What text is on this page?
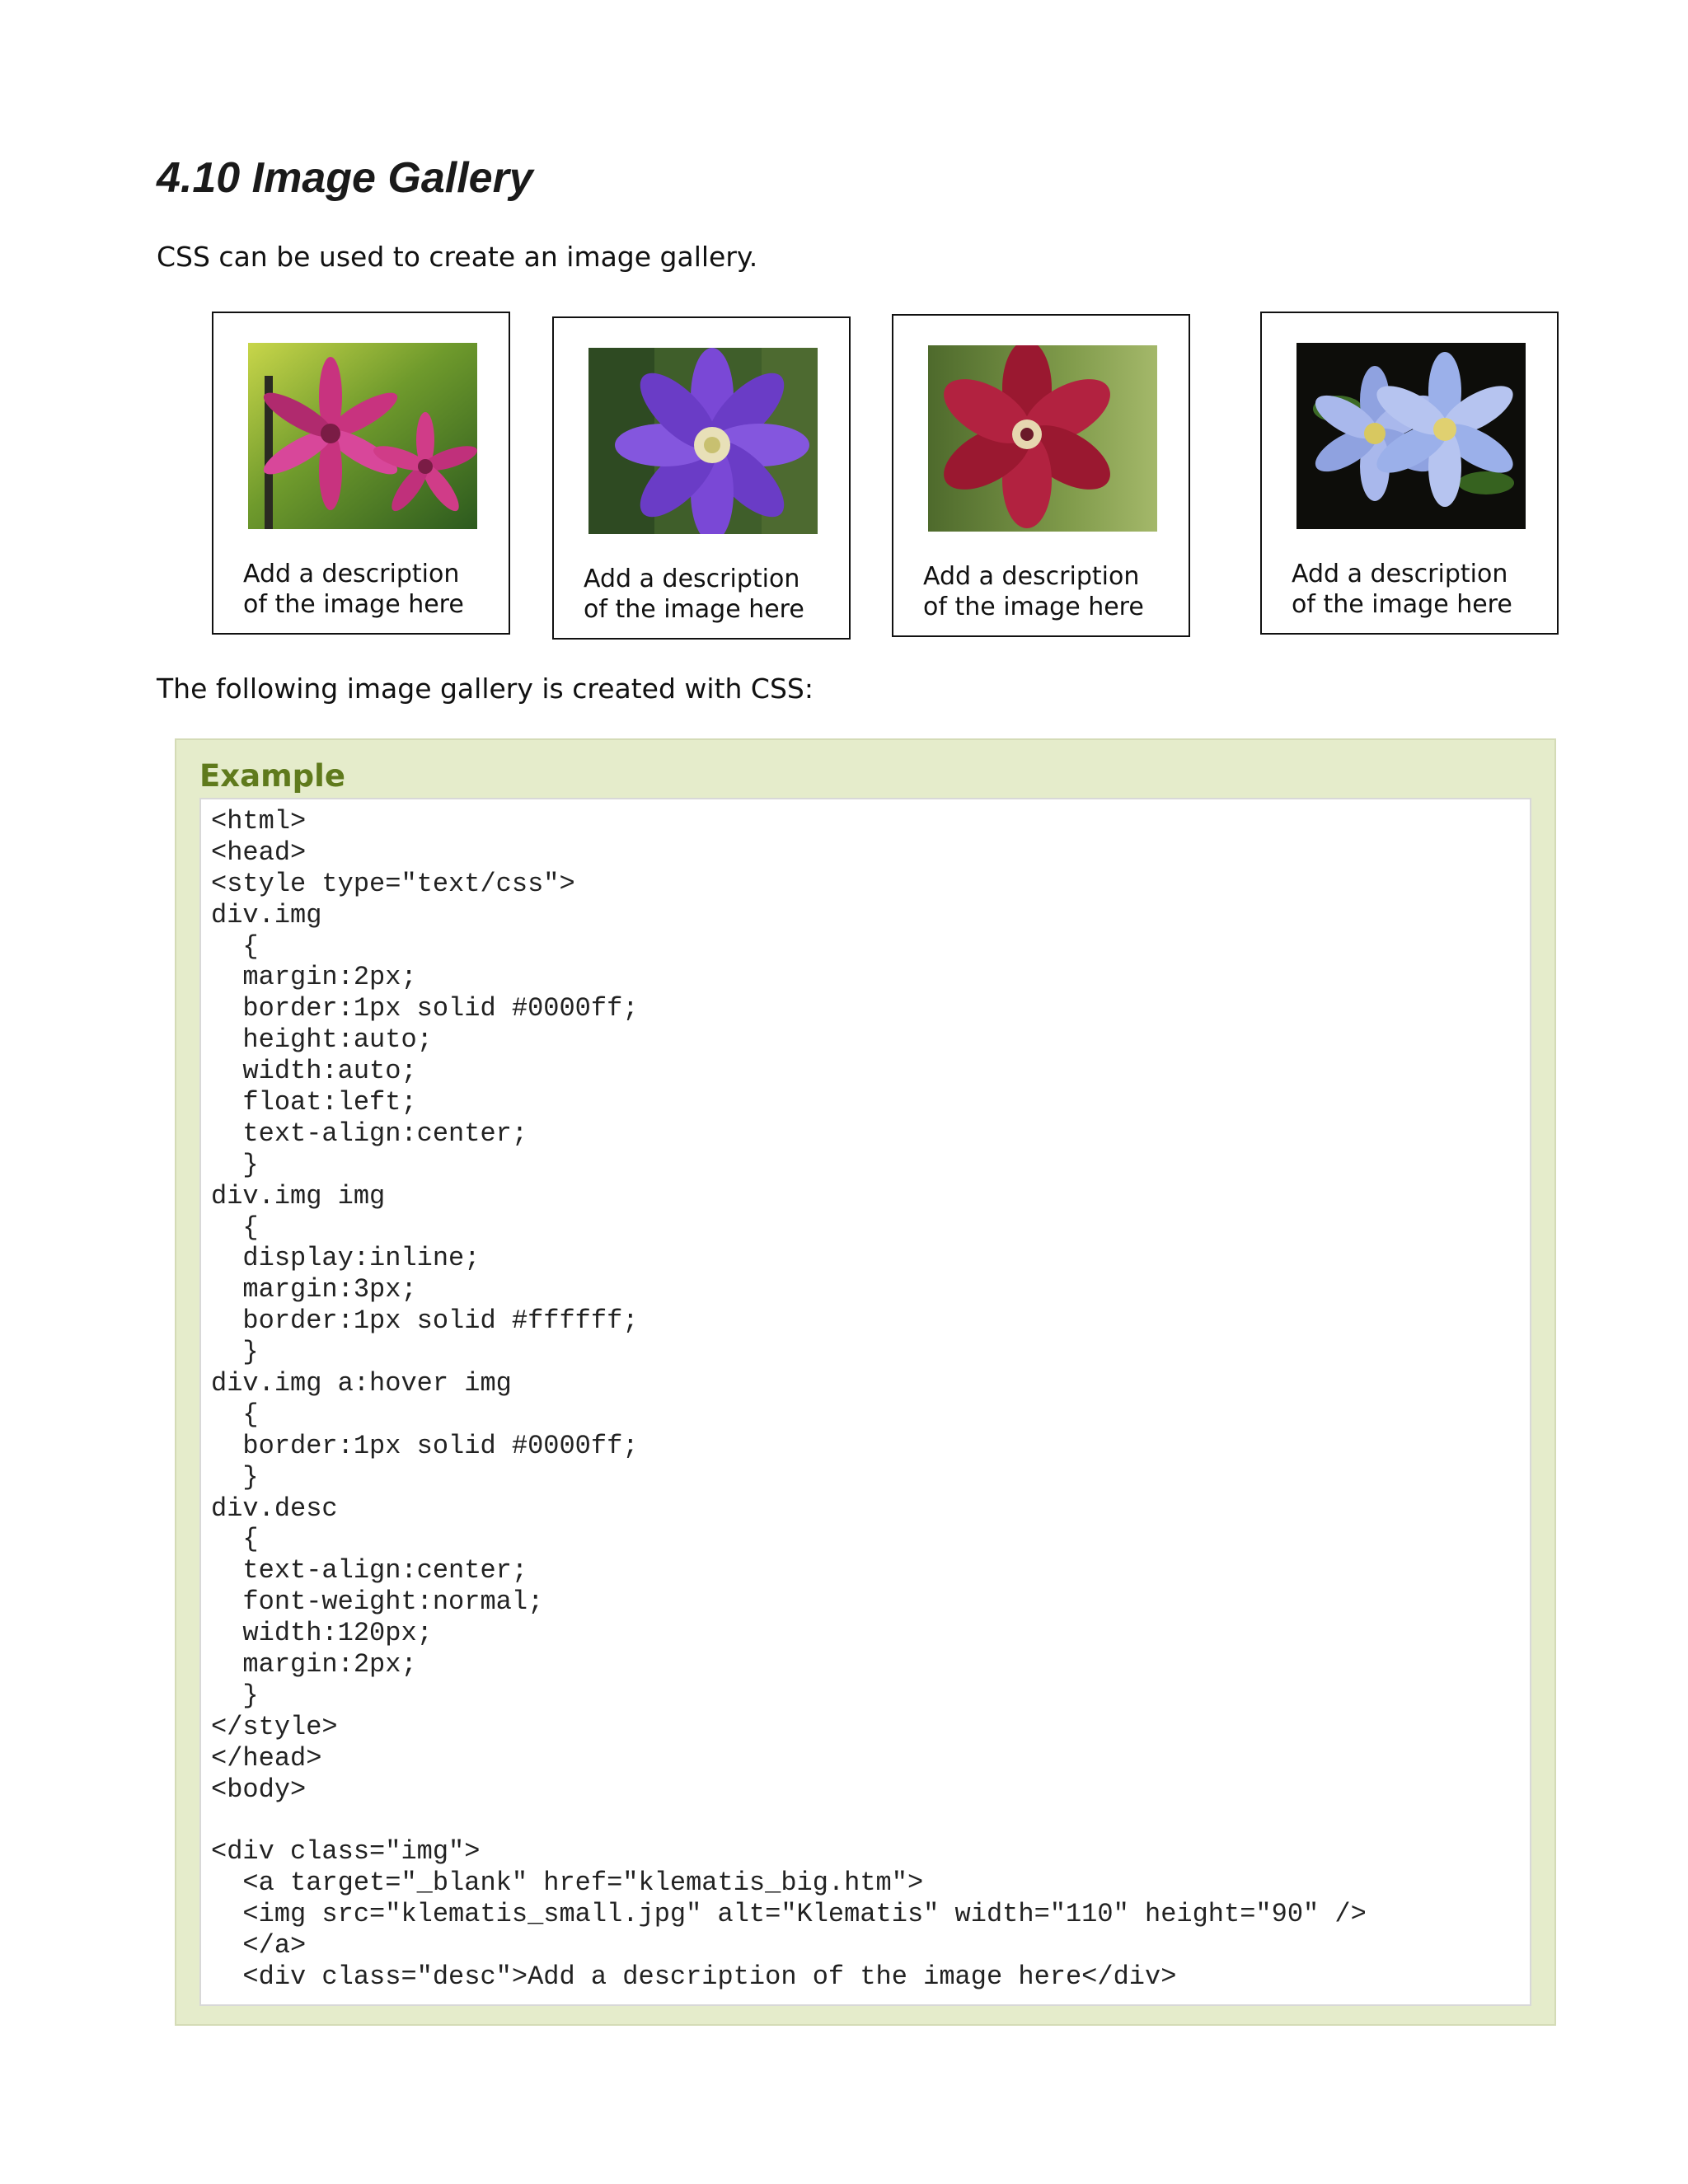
4.10 Image Gallery

CSS can be used to create an image gallery.

Add a description
of the image here
Add a description
of the image here
Add a description
of the image here
Add a description
of the image here

The following image gallery is created with CSS:

Example
<html>
<head>
<style type="text/css">
div.img
{
margin:2px;
border:1px solid #0000ff;
height:auto;
width:auto;
float:left;
text-align:center;
}
div.img img
{
display:inline;
margin:3px;
border:1px solid #ffffff;
}
div.img a:hover img
{
border:1px solid #0000ff;
}
div.desc
{
text-align:center;
font-weight:normal;
width:120px;
margin:2px;
}
</style>
</head>
<body>
<div class="img">
<a target="_blank" href="klematis_big.htm">
<img src="klematis_small.jpg" alt="Klematis" width="110" height="90" />
</a>
<div class="desc">Add a description of the image here</div>
